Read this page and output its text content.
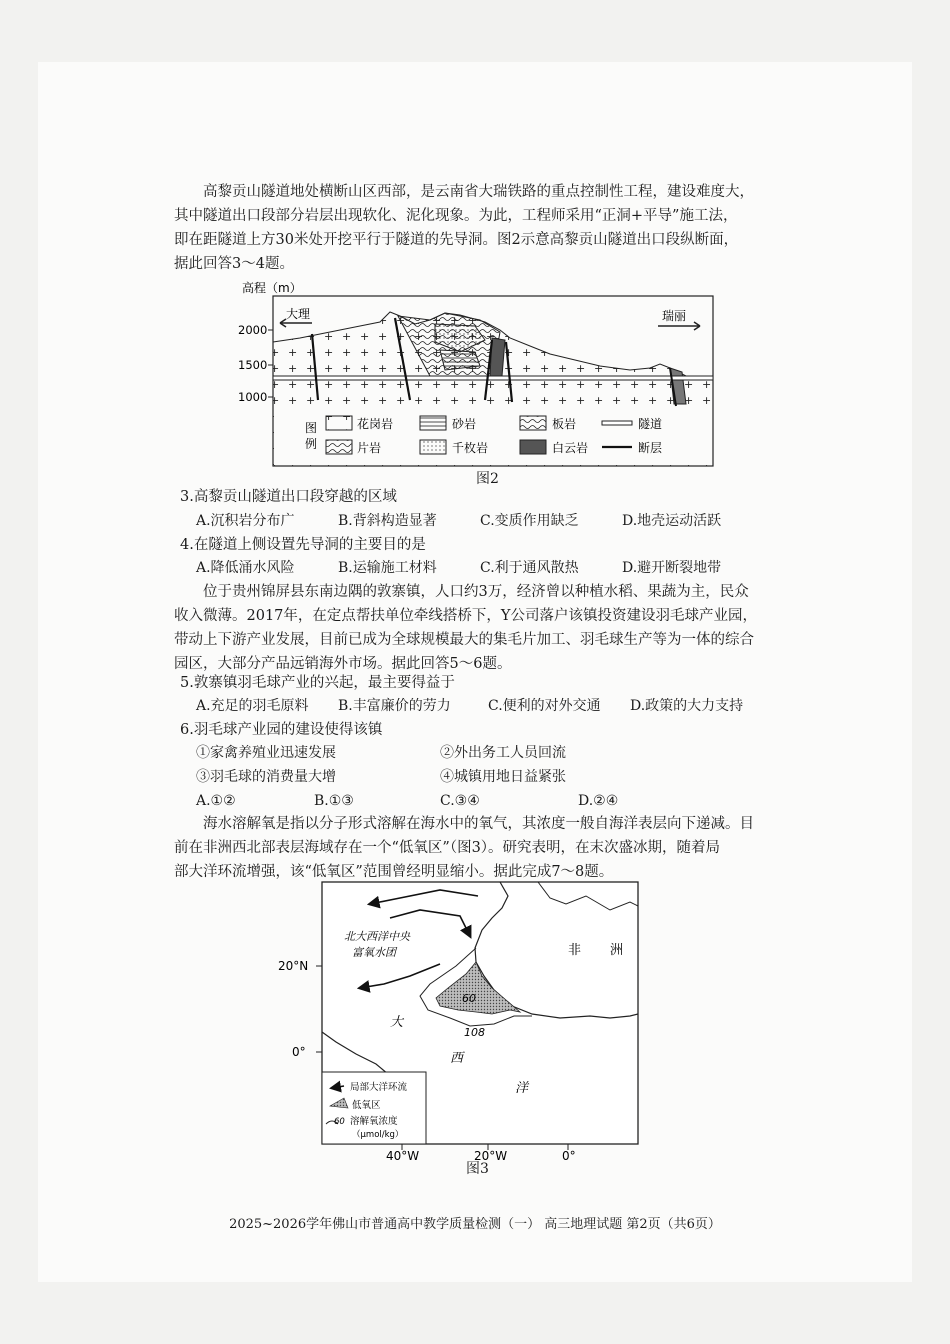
高黎贡山隧道地处横断山区西部，是云南省大瑞铁路的重点控制性工程，建设难度大，
其中隧道出口段部分岩层出现软化、泥化现象。为此，工程师采用“正洞+平导”施工法，
即在距隧道上方30米处开挖平行于隧道的先导洞。图2示意高黎贡山隧道出口段纵断面，
据此回答3～4题。
高程（m）
2000
1500
1000
大理	瑞丽
图
例
花岗岩	砂岩	板岩	隧道
片岩	千枚岩	白云岩	断层
图2
3.高黎贡山隧道出口段穿越的区域
A.沉积岩分布广	B.背斜构造显著	C.变质作用缺乏	D.地壳运动活跃
4.在隧道上侧设置先导洞的主要目的是
A.降低涌水风险	B.运输施工材料	C.利于通风散热	D.避开断裂地带
位于贵州锦屏县东南边隅的敦寨镇，人口约3万，经济曾以种植水稻、果蔬为主，民众
收入微薄。2017年，在定点帮扶单位牵线搭桥下，Y公司落户该镇投资建设羽毛球产业园，
带动上下游产业发展，目前已成为全球规模最大的集毛片加工、羽毛球生产等为一体的综合
园区，大部分产品远销海外市场。据此回答5～6题。
5.敦寨镇羽毛球产业的兴起，最主要得益于
A.充足的羽毛原料 B.丰富廉价的劳力	C.便利的对外交通 D.政策的大力支持
6.羽毛球产业园的建设使得该镇
①家禽养殖业迅速发展	②外出务工人员回流
③羽毛球的消费量大增	④城镇用地日益紧张
A.①②	B.①③	C.③④	D.②④
海水溶解氧是指以分子形式溶解在海水中的氧气，其浓度一般自海洋表层向下递减。目
前在非洲西北部表层海域存在一个“低氧区”（图3）。研究表明，在末次盛冰期，随着局
部大洋环流增强，该“低氧区”范围曾经明显缩小。据此完成7～8题。
北大西洋中央
富氧水团	非 洲
大
西
洋
60
108
20°N
0°
40°W	20°W	0°
局部大洋环流
低氧区
60 溶解氧浓度
（μmol/kg）
图3
2025~2026学年佛山市普通高中教学质量检测（一） 高三地理试题 第2页（共6页）
